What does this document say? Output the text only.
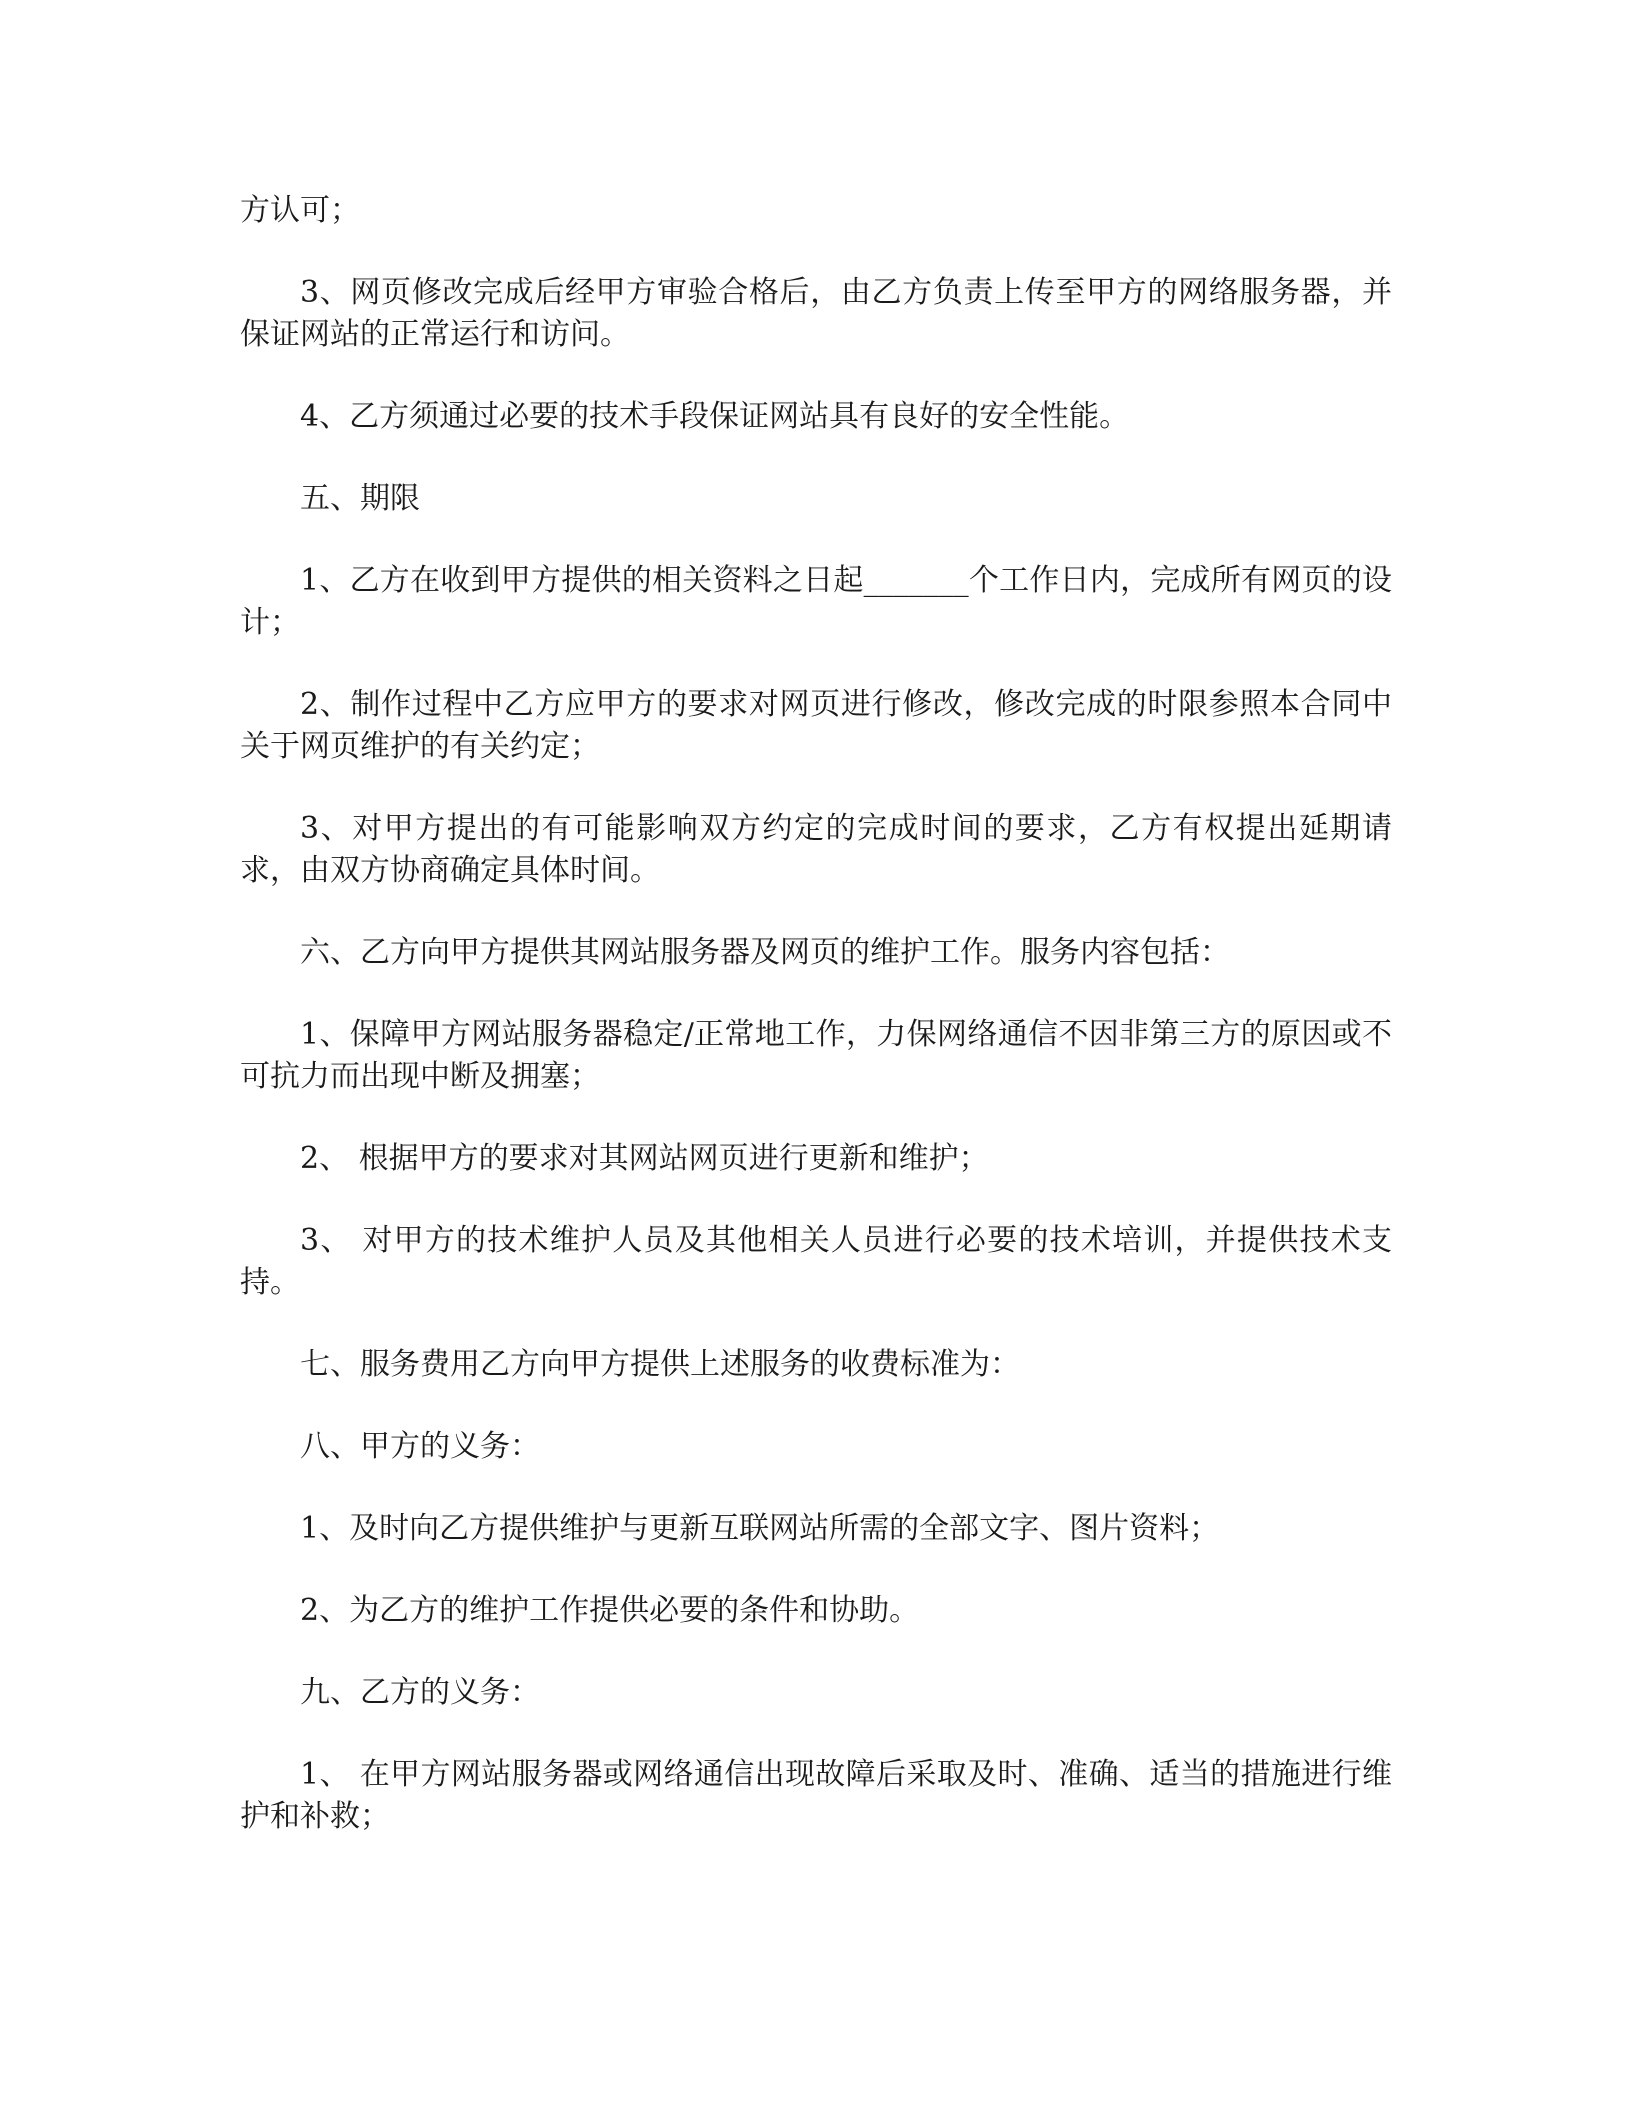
方认可；

3、网页修改完成后经甲方审验合格后，由乙方负责上传至甲方的网络服务器，并保证网站的正常运行和访问。

4、乙方须通过必要的技术手段保证网站具有良好的安全性能。

五、期限

1、乙方在收到甲方提供的相关资料之日起_______个工作日内，完成所有网页的设计；

2、制作过程中乙方应甲方的要求对网页进行修改，修改完成的时限参照本合同中关于网页维护的有关约定；

3、对甲方提出的有可能影响双方约定的完成时间的要求，乙方有权提出延期请求，由双方协商确定具体时间。

六、乙方向甲方提供其网站服务器及网页的维护工作。服务内容包括：

1、保障甲方网站服务器稳定/正常地工作，力保网络通信不因非第三方的原因或不可抗力而出现中断及拥塞；

2、 根据甲方的要求对其网站网页进行更新和维护；

3、 对甲方的技术维护人员及其他相关人员进行必要的技术培训，并提供技术支持。

七、服务费用乙方向甲方提供上述服务的收费标准为：

八、甲方的义务：

1、及时向乙方提供维护与更新互联网站所需的全部文字、图片资料；

2、为乙方的维护工作提供必要的条件和协助。

九、乙方的义务：

1、 在甲方网站服务器或网络通信出现故障后采取及时、准确、适当的措施进行维护和补救；
